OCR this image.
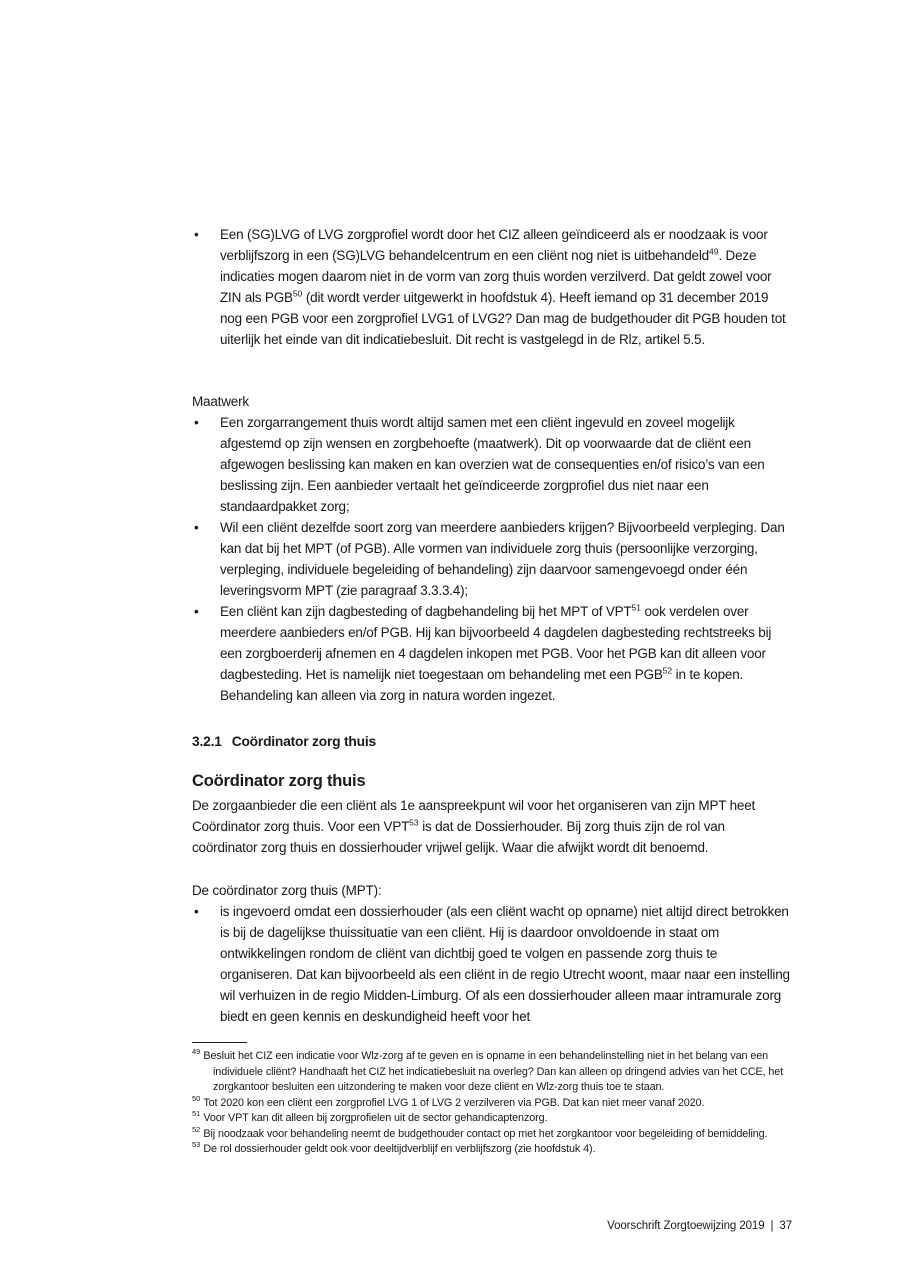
• Een (SG)LVG of LVG zorgprofiel wordt door het CIZ alleen geïndiceerd als er noodzaak is voor verblijfszorg in een (SG)LVG behandelcentrum en een cliënt nog niet is uitbehandeld$^{49}$. Deze indicaties mogen daarom niet in de vorm van zorg thuis worden verzilverd. Dat geldt zowel voor ZIN als PGB$^{50}$ (dit wordt verder uitgewerkt in hoofdstuk 4). Heeft iemand op 31 december 2019 nog een PGB voor een zorgprofiel LVG1 of LVG2? Dan mag de budgethouder dit PGB houden tot uiterlijk het einde van dit indicatiebesluit. Dit recht is vastgelegd in de Rlz, artikel 5.5.

Maatwerk

• Een zorgarrangement thuis wordt altijd samen met een cliënt ingevuld en zoveel mogelijk afgestemd op zijn wensen en zorgbehoefte (maatwerk). Dit op voorwaarde dat de cliënt een afgewogen beslissing kan maken en kan overzien wat de consequenties en/of risico’s van een beslissing zijn. Een aanbieder vertaalt het geïndiceerde zorgprofiel dus niet naar een standaardpakket zorg;
• Wil een cliënt dezelfde soort zorg van meerdere aanbieders krijgen? Bijvoorbeeld verpleging. Dan kan dat bij het MPT (of PGB). Alle vormen van individuele zorg thuis (persoonlijke verzorging, verpleging, individuele begeleiding of behandeling) zijn daarvoor samengevoegd onder één leveringsvorm MPT (zie paragraaf 3.3.3.4);
• Een cliënt kan zijn dagbesteding of dagbehandeling bij het MPT of VPT$^{51}$ ook verdelen over meerdere aanbieders en/of PGB. Hij kan bijvoorbeeld 4 dagdelen dagbesteding rechtstreeks bij een zorgboerderij afnemen en 4 dagdelen inkopen met PGB. Voor het PGB kan dit alleen voor dagbesteding. Het is namelijk niet toegestaan om behandeling met een PGB$^{52}$ in te kopen. Behandeling kan alleen via zorg in natura worden ingezet.

3.2.1 Coördinator zorg thuis

Coördinator zorg thuis

De zorgaanbieder die een cliënt als 1e aanspreekpunt wil voor het organiseren van zijn MPT heet Coördinator zorg thuis. Voor een VPT$^{53}$ is dat de Dossierhouder. Bij zorg thuis zijn de rol van coördinator zorg thuis en dossierhouder vrijwel gelijk. Waar die afwijkt wordt dit benoemd.

De coördinator zorg thuis (MPT):

• is ingevoerd omdat een dossierhouder (als een cliënt wacht op opname) niet altijd direct betrokken is bij de dagelijkse thuissituatie van een cliënt. Hij is daardoor onvoldoende in staat om ontwikkelingen rondom de cliënt van dichtbij goed te volgen en passende zorg thuis te organiseren. Dat kan bijvoorbeeld als een cliënt in de regio Utrecht woont, maar naar een instelling wil verhuizen in de regio Midden-Limburg. Of als een dossierhouder alleen maar intramurale zorg biedt en geen kennis en deskundigheid heeft voor het
$^{49}$ Besluit het CIZ een indicatie voor Wlz-zorg af te geven en is opname in een behandelinstelling niet in het belang van een individuele cliënt? Handhaaft het CIZ het indicatiebesluit na overleg? Dan kan alleen op dringend advies van het CCE, het zorgkantoor besluiten een uitzondering te maken voor deze cliënt en Wlz-zorg thuis toe te staan.
$^{50}$ Tot 2020 kon een cliënt een zorgprofiel LVG 1 of LVG 2 verzilveren via PGB. Dat kan niet meer vanaf 2020.
$^{51}$ Voor VPT kan dit alleen bij zorgprofielen uit de sector gehandicaptenzorg.
$^{52}$ Bij noodzaak voor behandeling neemt de budgethouder contact op met het zorgkantoor voor begeleiding of bemiddeling.
$^{53}$ De rol dossierhouder geldt ook voor deeltijdverblijf en verblijfszorg (zie hoofdstuk 4).
Voorschrift Zorgtoewijzing 2019 | 37
